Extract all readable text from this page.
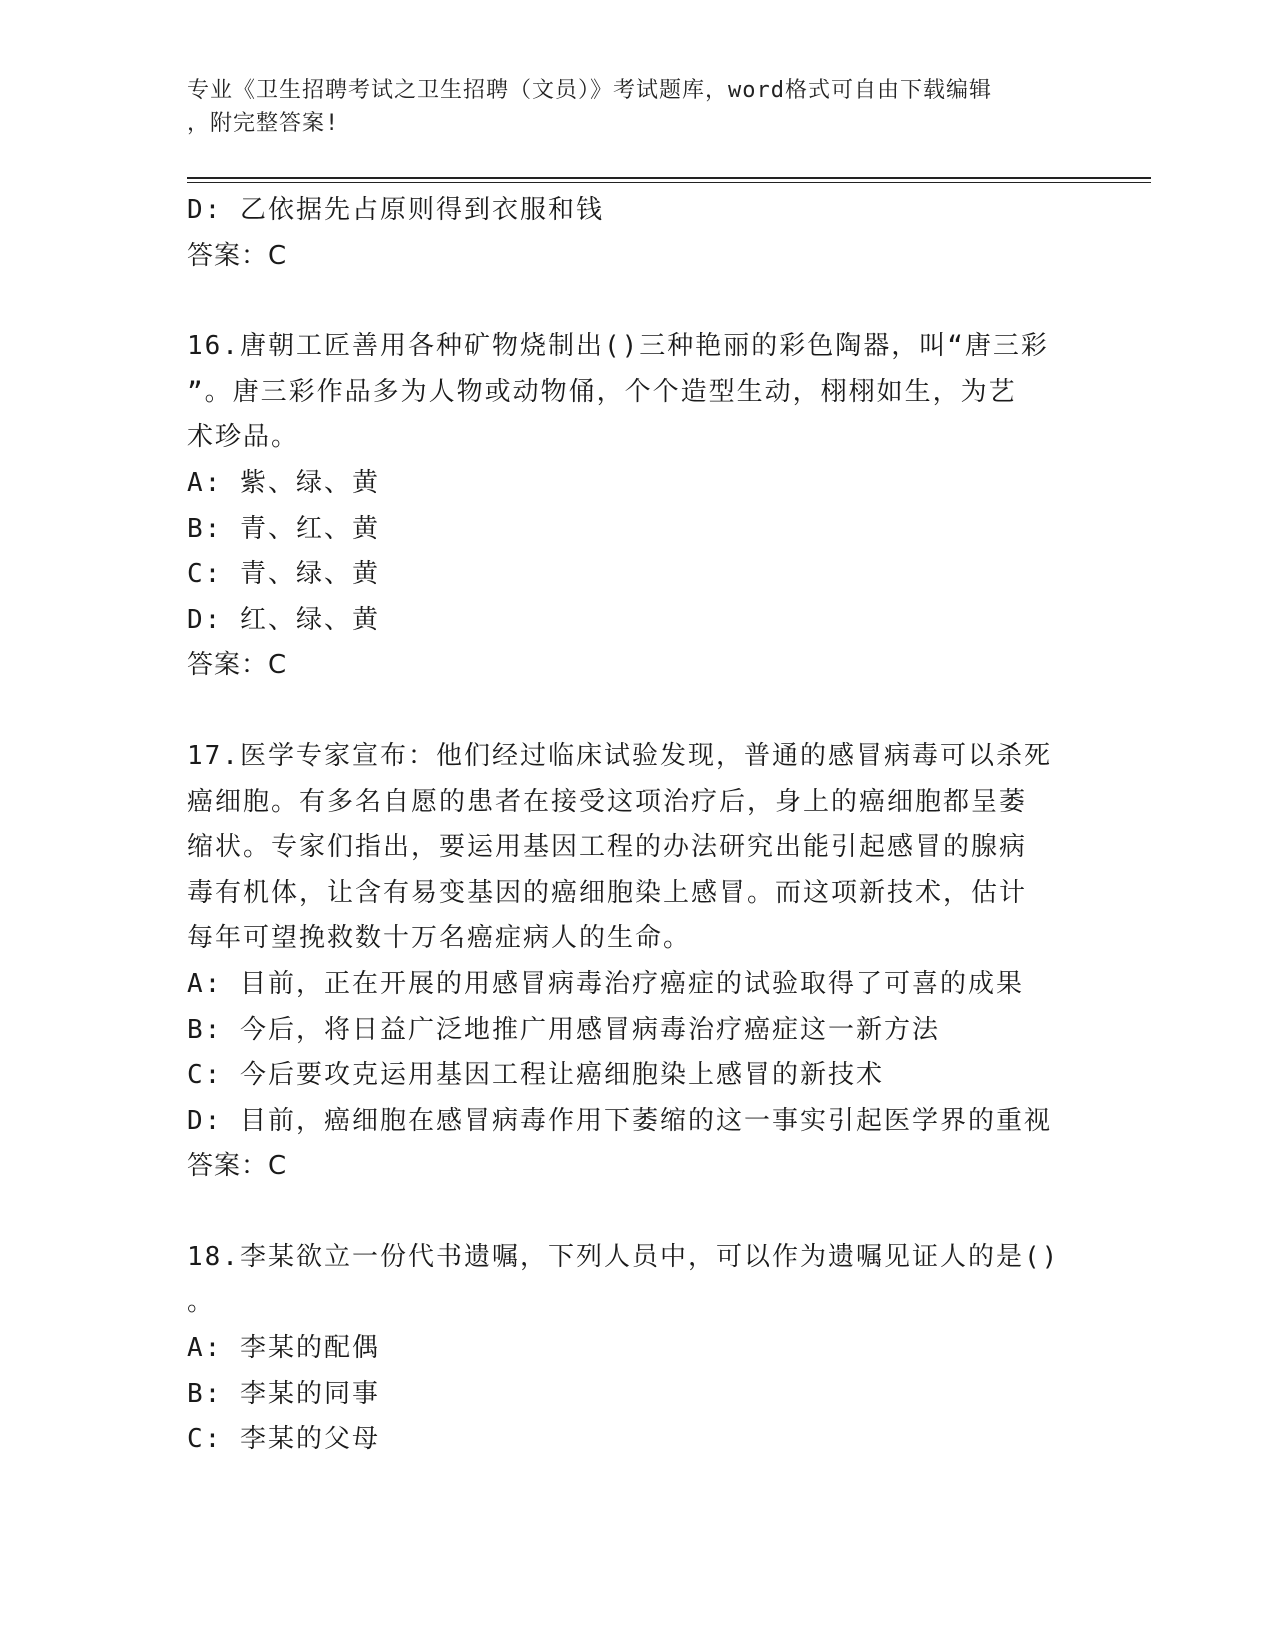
专业《卫生招聘考试之卫生招聘（文员）》考试题库，word格式可自由下载编辑
，附完整答案!

D: 乙依据先占原则得到衣服和钱

答案：C

16.唐朝工匠善用各种矿物烧制出()三种艳丽的彩色陶器，叫“唐三彩

”。唐三彩作品多为人物或动物俑，个个造型生动，栩栩如生，为艺

术珍品。

A: 紫、绿、黄

B: 青、红、黄

C: 青、绿、黄

D: 红、绿、黄

答案：C

17.医学专家宣布：他们经过临床试验发现，普通的感冒病毒可以杀死

癌细胞。有多名自愿的患者在接受这项治疗后，身上的癌细胞都呈萎

缩状。专家们指出，要运用基因工程的办法研究出能引起感冒的腺病

毒有机体，让含有易变基因的癌细胞染上感冒。而这项新技术，估计

每年可望挽救数十万名癌症病人的生命。

A: 目前，正在开展的用感冒病毒治疗癌症的试验取得了可喜的成果

B: 今后，将日益广泛地推广用感冒病毒治疗癌症这一新方法

C: 今后要攻克运用基因工程让癌细胞染上感冒的新技术

D: 目前，癌细胞在感冒病毒作用下萎缩的这一事实引起医学界的重视

答案：C

18.李某欲立一份代书遗嘱，下列人员中，可以作为遗嘱见证人的是()

。

A: 李某的配偶

B: 李某的同事

C: 李某的父母
